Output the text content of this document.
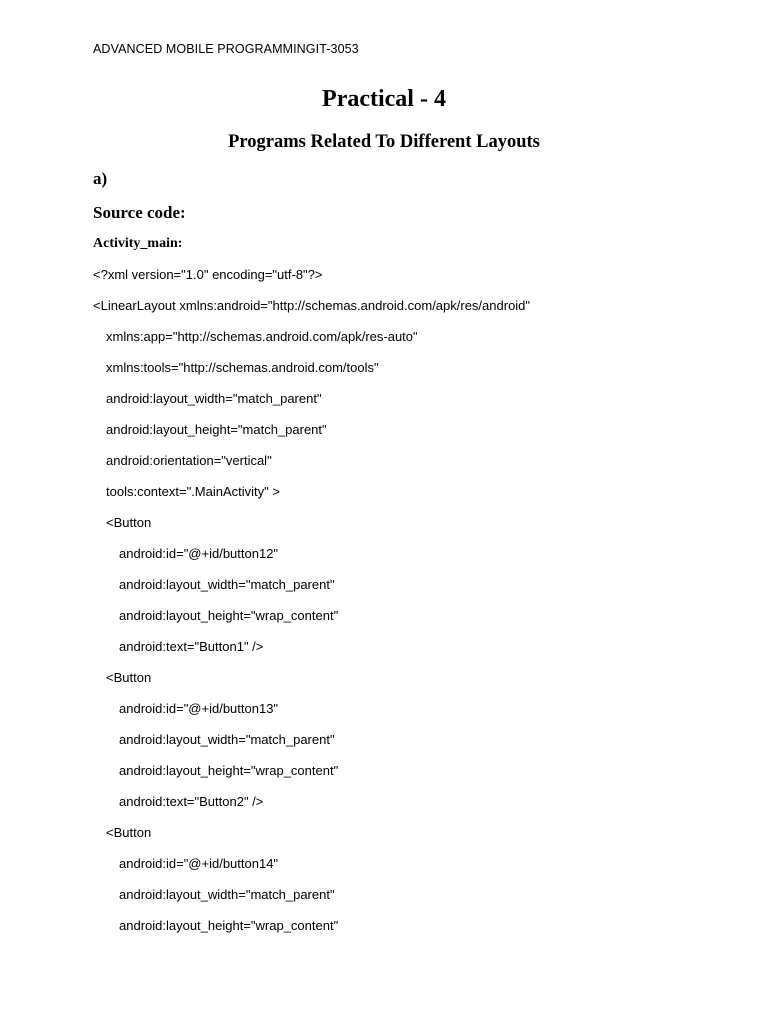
ADVANCED MOBILE PROGRAMMINGIT-3053
Practical - 4
Programs Related To Different Layouts
a)
Source code:
Activity_main:
<?xml version="1.0" encoding="utf-8"?>
<LinearLayout xmlns:android="http://schemas.android.com/apk/res/android"
xmlns:app="http://schemas.android.com/apk/res-auto"
xmlns:tools="http://schemas.android.com/tools"
android:layout_width="match_parent"
android:layout_height="match_parent"
android:orientation="vertical"
tools:context=".MainActivity" >
<Button
android:id="@+id/button12"
android:layout_width="match_parent"
android:layout_height="wrap_content"
android:text="Button1" />
<Button
android:id="@+id/button13"
android:layout_width="match_parent"
android:layout_height="wrap_content"
android:text="Button2" />
<Button
android:id="@+id/button14"
android:layout_width="match_parent"
android:layout_height="wrap_content"
